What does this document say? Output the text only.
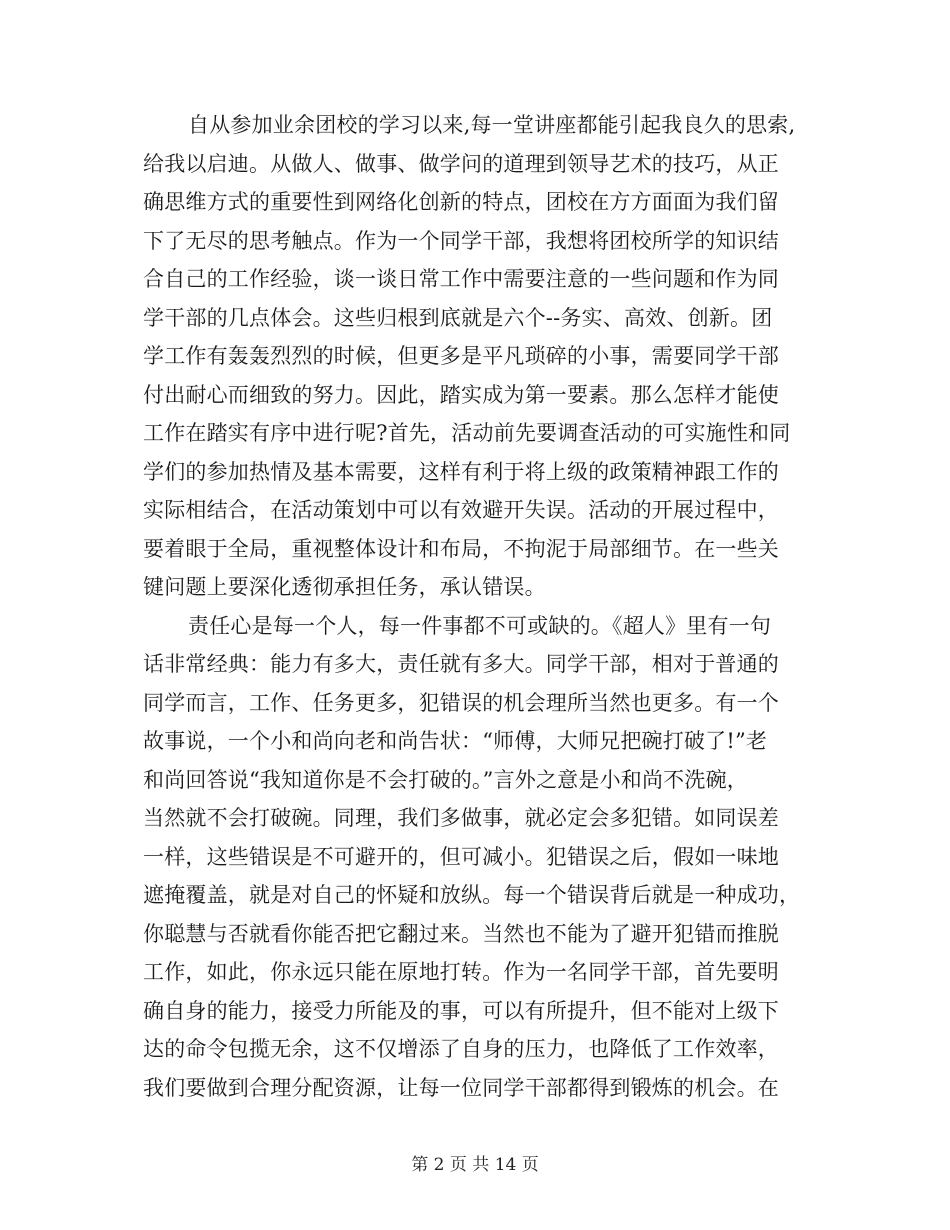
自从参加业余团校的学习以来,每一堂讲座都能引起我良久的思索,
给我以启迪。从做人、做事、做学问的道理到领导艺术的技巧，从正
确思维方式的重要性到网络化创新的特点，团校在方方面面为我们留
下了无尽的思考触点。作为一个同学干部，我想将团校所学的知识结
合自己的工作经验，谈一谈日常工作中需要注意的一些问题和作为同
学干部的几点体会。这些归根到底就是六个--务实、高效、创新。团
学工作有轰轰烈烈的时候，但更多是平凡琐碎的小事，需要同学干部
付出耐心而细致的努力。因此，踏实成为第一要素。那么怎样才能使
工作在踏实有序中进行呢?首先，活动前先要调查活动的可实施性和同
学们的参加热情及基本需要，这样有利于将上级的政策精神跟工作的
实际相结合，在活动策划中可以有效避开失误。活动的开展过程中，
要着眼于全局，重视整体设计和布局，不拘泥于局部细节。在一些关
键问题上要深化透彻承担任务，承认错误。
责任心是每一个人，每一件事都不可或缺的。《超人》里有一句
话非常经典：能力有多大，责任就有多大。同学干部，相对于普通的
同学而言，工作、任务更多，犯错误的机会理所当然也更多。有一个
故事说，一个小和尚向老和尚告状：“师傅，大师兄把碗打破了!”老
和尚回答说“我知道你是不会打破的。”言外之意是小和尚不洗碗，
当然就不会打破碗。同理，我们多做事，就必定会多犯错。如同误差
一样，这些错误是不可避开的，但可减小。犯错误之后，假如一味地
遮掩覆盖，就是对自己的怀疑和放纵。每一个错误背后就是一种成功，
你聪慧与否就看你能否把它翻过来。当然也不能为了避开犯错而推脱
工作，如此，你永远只能在原地打转。作为一名同学干部，首先要明
确自身的能力，接受力所能及的事，可以有所提升，但不能对上级下
达的命令包揽无余，这不仅增添了自身的压力，也降低了工作效率，
我们要做到合理分配资源，让每一位同学干部都得到锻炼的机会。在
第 2 页 共 14 页
